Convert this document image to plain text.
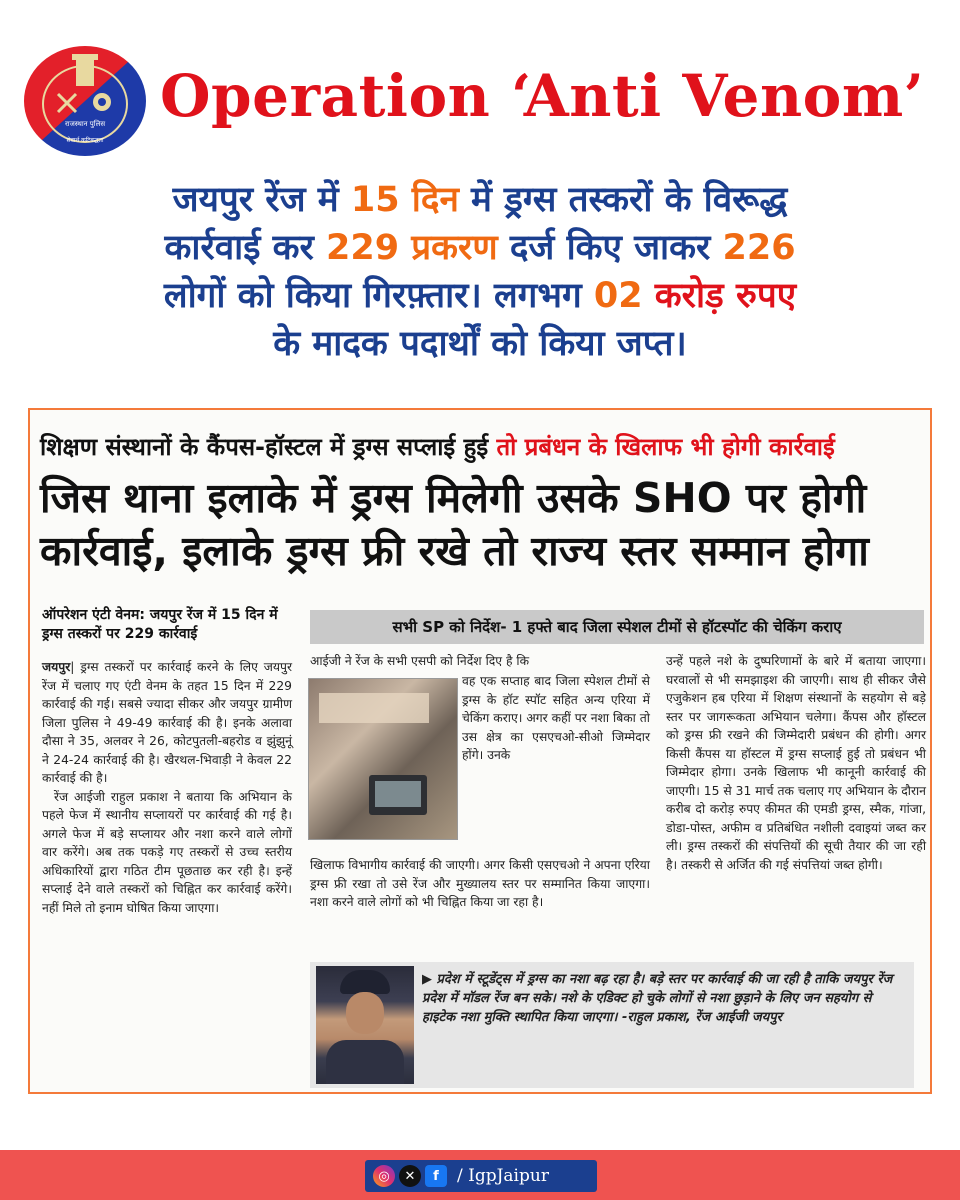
राजस्थान पुलिस
सेवार्थ कटिबद्धता
Operation ‘Anti Venom’
जयपुर रेंज में 15 दिन में ड्रग्स तस्करों के विरूद्ध
कार्रवाई कर 229 प्रकरण दर्ज किए जाकर 226
लोगों को किया गिरफ़्तार। लगभग 02 करोड़ रुपए
के मादक पदार्थों को किया जप्त।
शिक्षण संस्थानों के कैंपस-हॉस्टल में ड्रग्स सप्लाई हुई तो प्रबंधन के खिलाफ भी होगी कार्रवाई
जिस थाना इलाके में ड्रग्स मिलेगी उसके SHO पर होगी कार्रवाई, इलाके ड्रग्स फ्री रखे तो राज्य स्तर सम्मान होगा
ऑपरेशन एंटी वेनम: जयपुर रेंज में 15 दिन में ड्रग्स तस्करों पर 229 कार्रवाई	सभी SP को निर्देश- 1 हफ्ते बाद जिला स्पेशल टीमों से हॉटस्पॉट की चेकिंग कराए
जयपुर| ड्रग्स तस्करों पर कार्रवाई करने के लिए जयपुर रेंज में चलाए गए एंटी वेनम के तहत 15 दिन में 229 कार्रवाई की गई। सबसे ज्यादा सीकर और जयपुर ग्रामीण जिला पुलिस ने 49-49 कार्रवाई की है। इनके अलावा दौसा ने 35, अलवर ने 26, कोटपुतली-बहरोड व झुंझुनूं ने 24-24 कार्रवाई की है। खैरथल-भिवाड़ी ने केवल 22 कार्रवाई की है।
रेंज आईजी राहुल प्रकाश ने बताया कि अभियान के पहले फेज में स्थानीय सप्लायरों पर कार्रवाई की गई है। अगले फेज में बड़े सप्लायर और नशा करने वाले लोगों वार करेंगे। अब तक पकड़े गए तस्करों से उच्च स्तरीय अधिकारियों द्वारा गठित टीम पूछताछ कर रही है। इन्हें सप्लाई देने वाले तस्करों को चिह्नित कर कार्रवाई करेंगे। नहीं मिले तो इनाम घोषित किया जाएगा।
आईजी ने रेंज के सभी एसपी को निर्देश दिए है कि
वह एक सप्ताह बाद जिला स्पेशल टीमों से ड्रग्स के हॉट स्पॉट सहित अन्य एरिया में चेकिंग कराए। अगर कहीं पर नशा बिका तो उस क्षेत्र का एसएचओ-सीओ जिम्मेदार होंगे। उनके
खिलाफ विभागीय कार्रवाई की जाएगी। अगर किसी एसएचओ ने अपना एरिया ड्रग्स फ्री रखा तो उसे रेंज और मुख्यालय स्तर पर सम्मानित किया जाएगा। नशा करने वाले लोगों को भी चिह्नित किया जा रहा है।
उन्हें पहले नशे के दुष्परिणामों के बारे में बताया जाएगा। घरवालों से भी समझाइश की जाएगी। साथ ही सीकर जैसे एजुकेशन हब एरिया में शिक्षण संस्थानों के सहयोग से बड़े स्तर पर जागरूकता अभियान चलेगा। कैंपस और हॉस्टल को ड्रग्स फ्री रखने की जिम्मेदारी प्रबंधन की होगी। अगर किसी कैंपस या हॉस्टल में ड्रग्स सप्लाई हुई तो प्रबंधन भी जिम्मेदार होगा। उनके खिलाफ भी कानूनी कार्रवाई की जाएगी। 15 से 31 मार्च तक चलाए गए अभियान के दौरान करीब दो करोड़ रुपए कीमत की एमडी ड्रग्स, स्मैक, गांजा, डोडा-पोस्त, अफीम व प्रतिबंधित नशीली दवाइयां जब्त कर ली। ड्रग्स तस्करों की संपत्तियों की सूची तैयार की जा रही है। तस्करी से अर्जित की गई संपत्तियां जब्त होगी।
▶ प्रदेश में स्टूडेंट्स में ड्रग्स का नशा बढ़ रहा है। बड़े स्तर पर कार्रवाई की जा रही है ताकि जयपुर रेंज प्रदेश में मॉडल रेंज बन सके। नशे के एडिक्ट हो चुके लोगों से नशा छुड़ाने के लिए जन सहयोग से हाइटेक नशा मुक्ति स्थापित किया जाएगा। -राहुल प्रकाश, रेंज आईजी जयपुर
◎	✕	f	/ IgpJaipur
